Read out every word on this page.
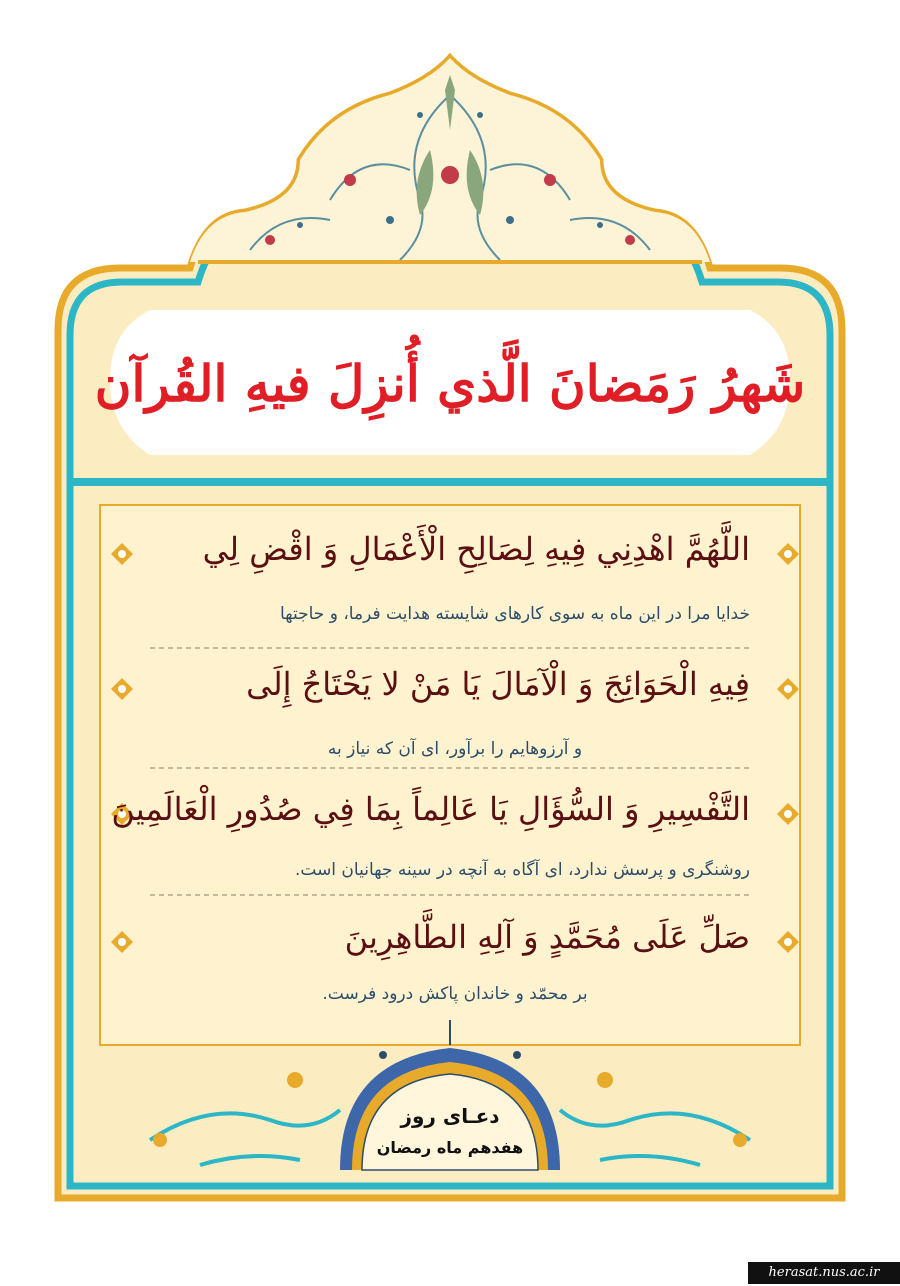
شَهرُ رَمَضانَ الَّذي أُنزِلَ فيهِ القُرآن
اللَّهُمَّ اهْدِنِي فِيهِ لِصَالِحِ الْأَعْمَالِ وَ اقْضِ لِي
خدایا مرا در این ماه به سوی کارهای شایسته هدایت فرما، و حاجتها
فِيهِ الْحَوَائِجَ وَ الْآمَالَ يَا مَنْ لا يَحْتَاجُ إِلَى
و آرزوهایم را برآور، ای آن که نیاز به
التَّفْسِيرِ وَ السُّؤَالِ يَا عَالِماً بِمَا فِي صُدُورِ الْعَالَمِينَ
روشنگری و پرسش ندارد، ای آگاه به آنچه در سینه جهانیان است.
صَلِّ عَلَى مُحَمَّدٍ وَ آلِهِ الطَّاهِرِينَ
بر محمّد و خاندان پاکش درود فرست.
دعـای روز
هفدهم ماه رمضان
herasat.nus.ac.ir
